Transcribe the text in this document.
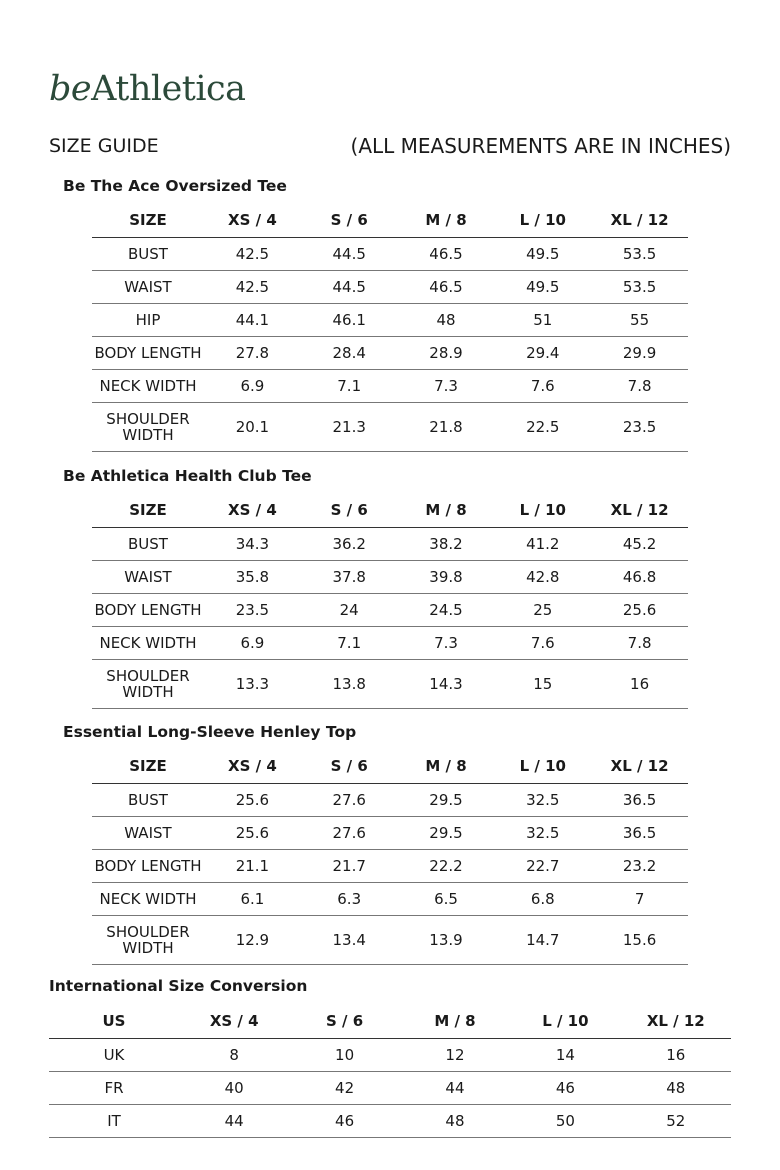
beAthletica
SIZE GUIDE	(ALL MEASUREMENTS ARE IN INCHES)
Be The Ace Oversized Tee
SIZE	XS / 4	S / 6	M / 8	L / 10	XL / 12
BUST	42.5	44.5	46.5	49.5	53.5
WAIST	42.5	44.5	46.5	49.5	53.5
HIP	44.1	46.1	48	51	55
BODY LENGTH	27.8	28.4	28.9	29.4	29.9
NECK WIDTH	6.9	7.1	7.3	7.6	7.8
SHOULDER WIDTH	20.1	21.3	21.8	22.5	23.5
Be Athletica Health Club Tee
SIZE	XS / 4	S / 6	M / 8	L / 10	XL / 12
BUST	34.3	36.2	38.2	41.2	45.2
WAIST	35.8	37.8	39.8	42.8	46.8
BODY LENGTH	23.5	24	24.5	25	25.6
NECK WIDTH	6.9	7.1	7.3	7.6	7.8
SHOULDER WIDTH	13.3	13.8	14.3	15	16
Essential Long-Sleeve Henley Top
SIZE	XS / 4	S / 6	M / 8	L / 10	XL / 12
BUST	25.6	27.6	29.5	32.5	36.5
WAIST	25.6	27.6	29.5	32.5	36.5
BODY LENGTH	21.1	21.7	22.2	22.7	23.2
NECK WIDTH	6.1	6.3	6.5	6.8	7
SHOULDER WIDTH	12.9	13.4	13.9	14.7	15.6
International Size Conversion
US	XS / 4	S / 6	M / 8	L / 10	XL / 12
UK	8	10	12	14	16
FR	40	42	44	46	48
IT	44	46	48	50	52
